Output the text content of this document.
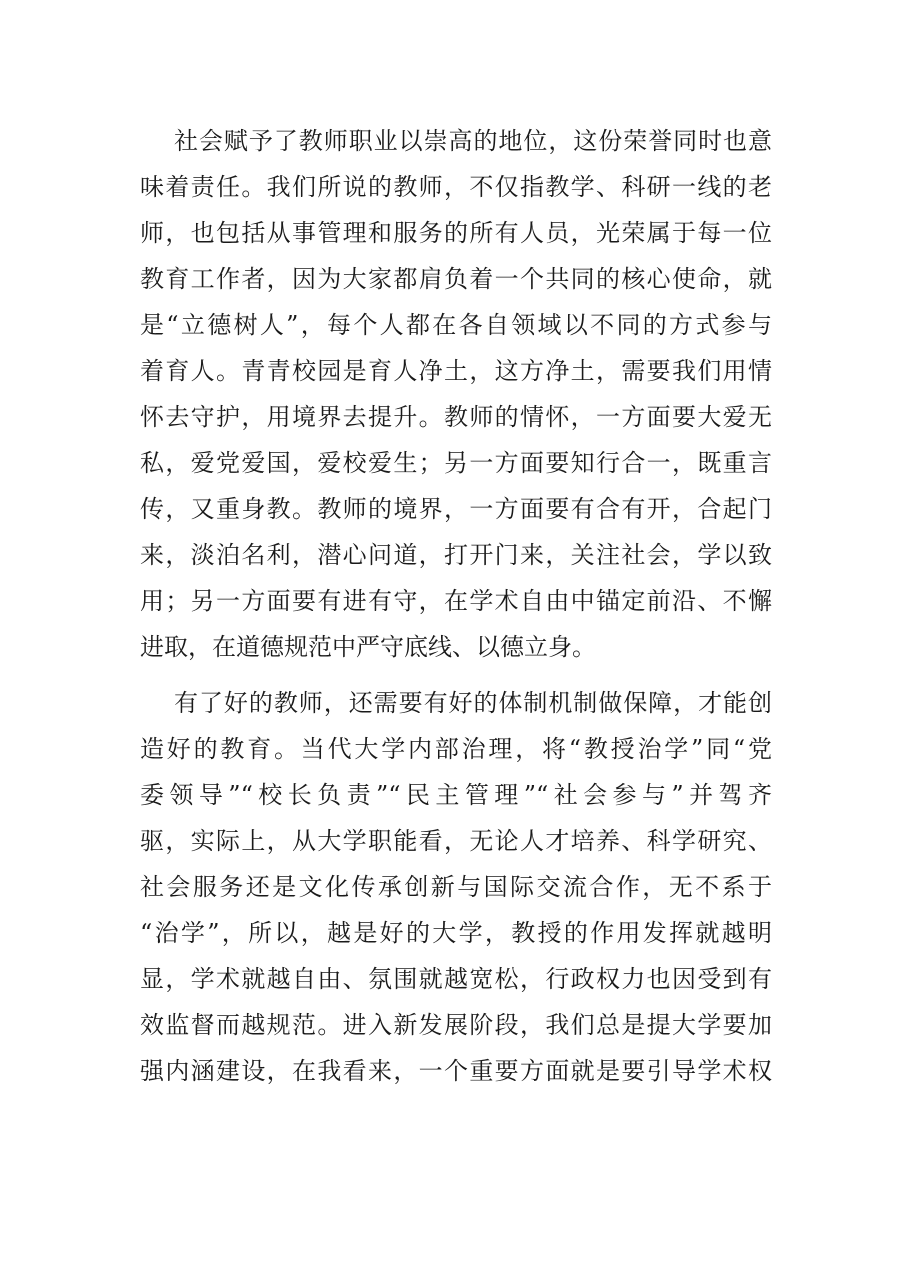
社会赋予了教师职业以崇高的地位，这份荣誉同时也意
味着责任。我们所说的教师，不仅指教学、科研一线的老
师，也包括从事管理和服务的所有人员，光荣属于每一位
教育工作者，因为大家都肩负着一个共同的核心使命，就
是“立德树人”，每个人都在各自领域以不同的方式参与
着育人。青青校园是育人净土，这方净土，需要我们用情
怀去守护，用境界去提升。教师的情怀，一方面要大爱无
私，爱党爱国，爱校爱生；另一方面要知行合一，既重言
传，又重身教。教师的境界，一方面要有合有开，合起门
来，淡泊名利，潜心问道，打开门来，关注社会，学以致
用；另一方面要有进有守，在学术自由中锚定前沿、不懈
进取，在道德规范中严守底线、以德立身。
有了好的教师，还需要有好的体制机制做保障，才能创
造好的教育。当代大学内部治理，将“教授治学”同“党
委领导”“校长负责”“民主管理”“社会参与”并驾齐
驱，实际上，从大学职能看，无论人才培养、科学研究、
社会服务还是文化传承创新与国际交流合作，无不系于
“治学”，所以，越是好的大学，教授的作用发挥就越明
显，学术就越自由、氛围就越宽松，行政权力也因受到有
效监督而越规范。进入新发展阶段，我们总是提大学要加
强内涵建设，在我看来，一个重要方面就是要引导学术权
